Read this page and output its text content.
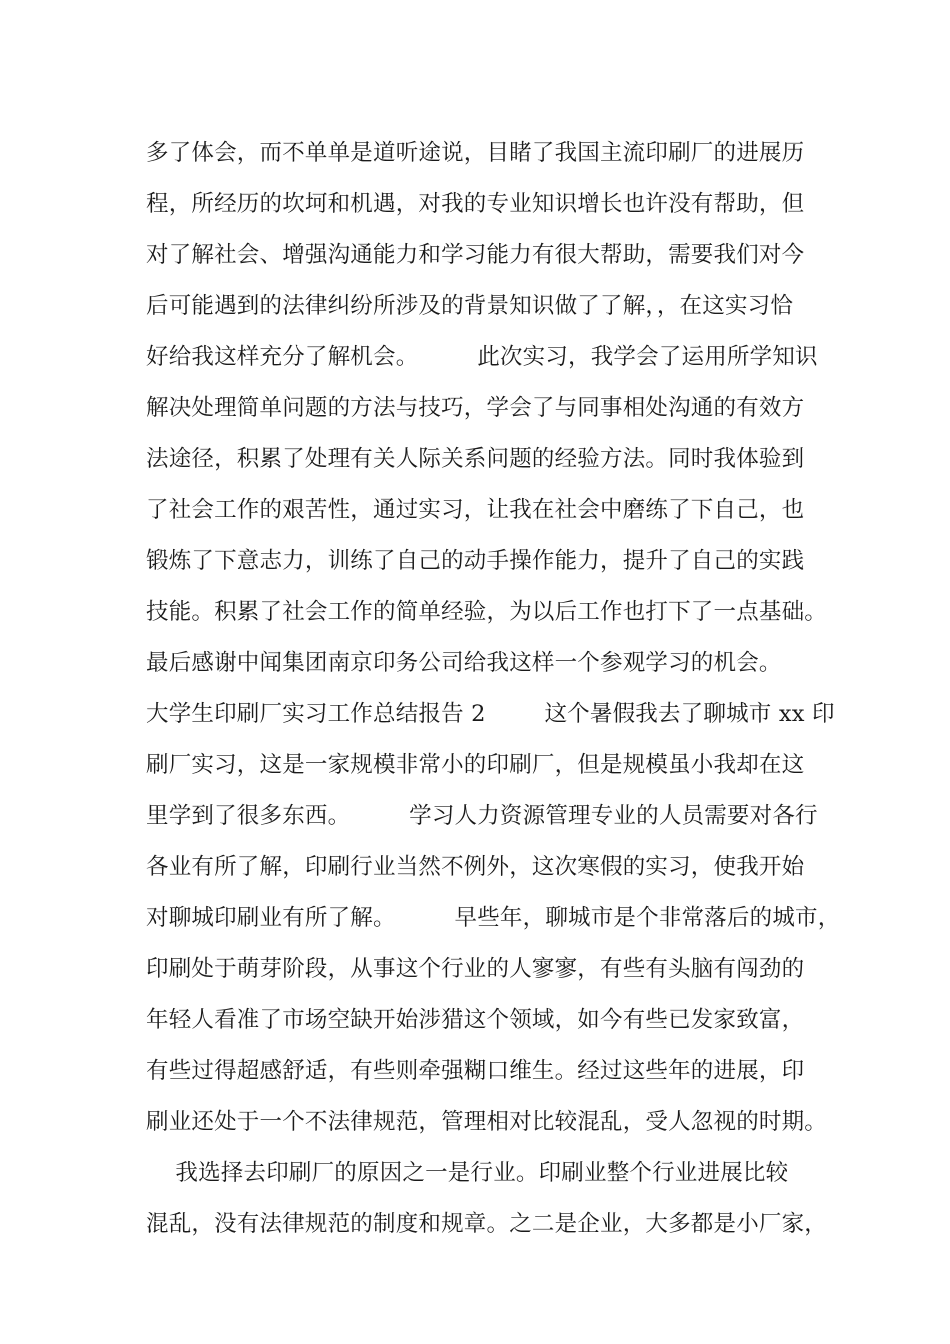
多了体会，而不单单是道听途说，目睹了我国主流印刷厂的进展历
程，所经历的坎坷和机遇，对我的专业知识增长也许没有帮助，但
对了解社会、增强沟通能力和学习能力有很大帮助，需要我们对今
后可能遇到的法律纠纷所涉及的背景知识做了了解，，在这实习恰
好给我这样充分了解机会。        此次实习，我学会了运用所学知识
解决处理简单问题的方法与技巧，学会了与同事相处沟通的有效方
法途径，积累了处理有关人际关系问题的经验方法。同时我体验到
了社会工作的艰苦性，通过实习，让我在社会中磨练了下自己，也
锻炼了下意志力，训练了自己的动手操作能力，提升了自己的实践
技能。积累了社会工作的简单经验，为以后工作也打下了一点基础。
最后感谢中闻集团南京印务公司给我这样一个参观学习的机会。
大学生印刷厂实习工作总结报告 2        这个暑假我去了聊城市 xx 印
刷厂实习，这是一家规模非常小的印刷厂，但是规模虽小我却在这
里学到了很多东西。        学习人力资源管理专业的人员需要对各行
各业有所了解，印刷行业当然不例外，这次寒假的实习，使我开始
对聊城印刷业有所了解。        早些年，聊城市是个非常落后的城市，
印刷处于萌芽阶段，从事这个行业的人寥寥，有些有头脑有闯劲的
年轻人看准了市场空缺开始涉猎这个领域，如今有些已发家致富，
有些过得超感舒适，有些则牵强糊口维生。经过这些年的进展，印
刷业还处于一个不法律规范，管理相对比较混乱，受人忽视的时期。
我选择去印刷厂的原因之一是行业。印刷业整个行业进展比较
混乱，没有法律规范的制度和规章。之二是企业，大多都是小厂家，
